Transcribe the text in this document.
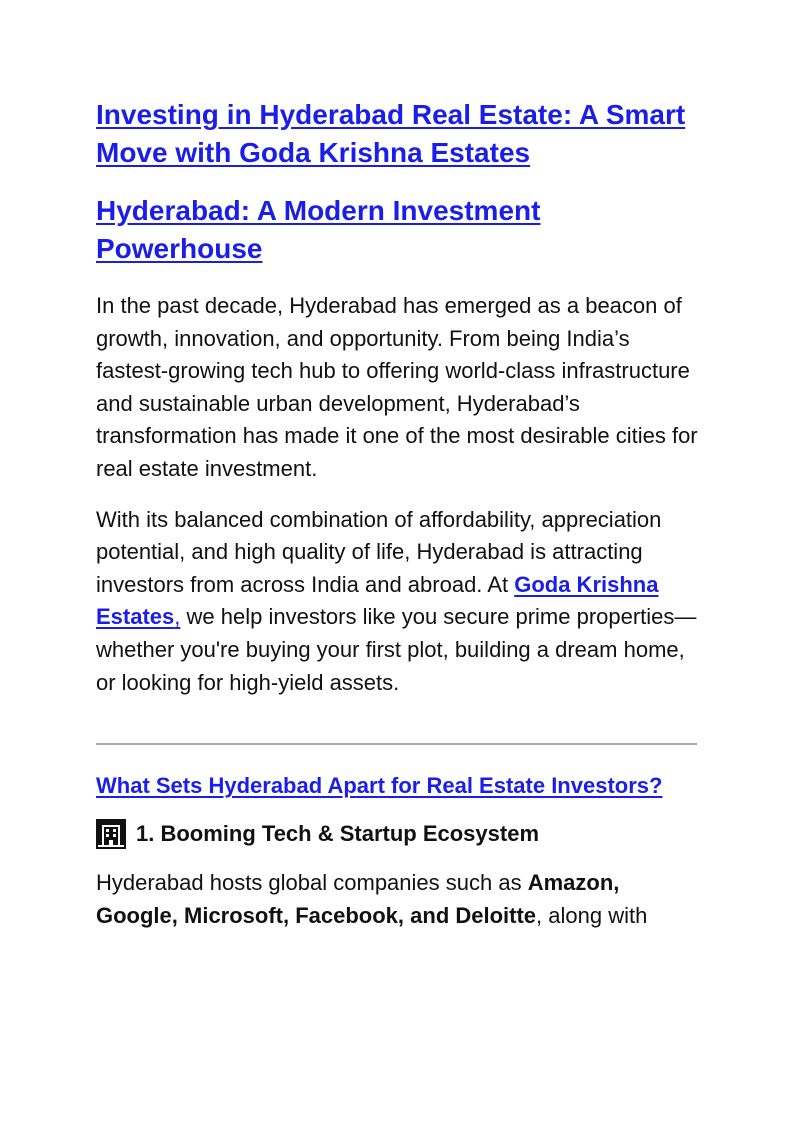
Investing in Hyderabad Real Estate: A Smart
Move with Goda Krishna Estates
Hyderabad: A Modern Investment
Powerhouse

In the past decade, Hyderabad has emerged as a beacon of growth, innovation, and opportunity. From being India’s fastest-growing tech hub to offering world-class infrastructure and sustainable urban development, Hyderabad’s transformation has made it one of the most desirable cities for real estate investment.

With its balanced combination of affordability, appreciation potential, and high quality of life, Hyderabad is attracting investors from across India and abroad. At Goda Krishna Estates, we help investors like you secure prime properties—whether you're buying your first plot, building a dream home, or looking for high-yield assets.

What Sets Hyderabad Apart for Real Estate Investors?
1. Booming Tech & Startup Ecosystem

Hyderabad hosts global companies such as Amazon, Google, Microsoft, Facebook, and Deloitte, along with
